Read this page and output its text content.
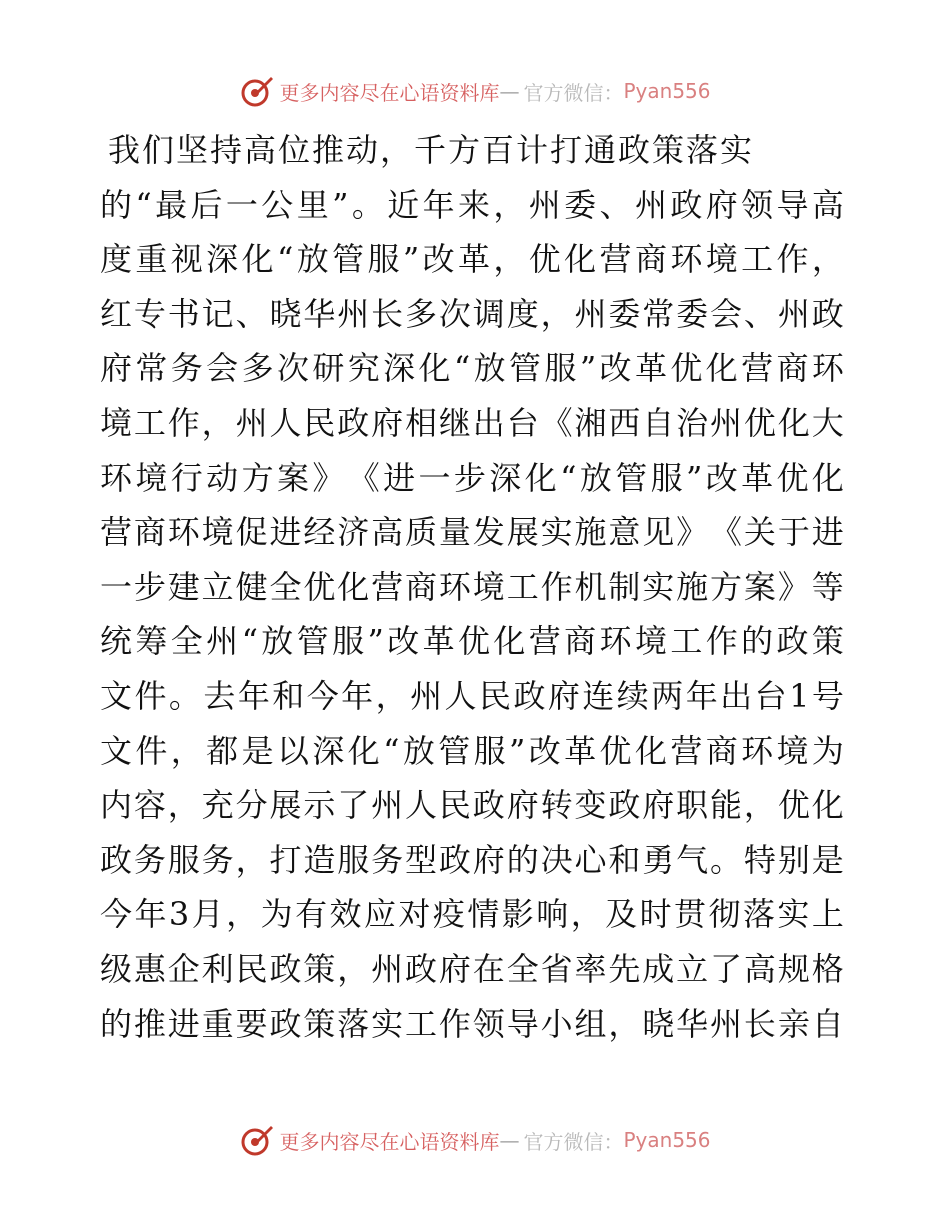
更多内容尽在心语资料库 — 官方微信： Pyan556
我们坚持高位推动，千方百计打通政策落实
的 “ 最 后 一 公 里 ” 。 近 年 来 ， 州 委 、 州 政 府 领 导 高
度 重 视 深 化 “ 放 管 服 ” 改 革 ， 优 化 营 商 环 境 工 作 ，
红 专 书 记 、 晓 华 州 长 多 次 调 度 ， 州 委 常 委 会 、 州 政
府 常 务 会 多 次 研 究 深 化 “ 放 管 服 ” 改 革 优 化 营 商 环
境 工 作 ， 州 人 民 政 府 相 继 出 台 《 湘 西 自 治 州 优 化 大
环 境 行 动 方 案 》 《 进 一 步 深 化 “ 放 管 服 ” 改 革 优 化
营 商 环 境 促 进 经 济 高 质 量 发 展 实 施 意 见 》 《 关 于 进
一 步 建 立 健 全 优 化 营 商 环 境 工 作 机 制 实 施 方 案 》 等
统 筹 全 州 “ 放 管 服 ” 改 革 优 化 营 商 环 境 工 作 的 政 策
文 件 。 去 年 和 今 年 ， 州 人 民 政 府 连 续 两 年 出 台 1 号
文 件 ， 都 是 以 深 化 “ 放 管 服 ” 改 革 优 化 营 商 环 境 为
内 容 ， 充 分 展 示 了 州 人 民 政 府 转 变 政 府 职 能 ， 优 化
政 务 服 务 ， 打 造 服 务 型 政 府 的 决 心 和 勇 气 。 特 别 是
今 年 3 月 ， 为 有 效 应 对 疫 情 影 响 ， 及 时 贯 彻 落 实 上
级 惠 企 利 民 政 策 ， 州 政 府 在 全 省 率 先 成 立 了 高 规 格
的 推 进 重 要 政 策 落 实 工 作 领 导 小 组 ， 晓 华 州 长 亲 自
更多内容尽在心语资料库 — 官方微信： Pyan556
